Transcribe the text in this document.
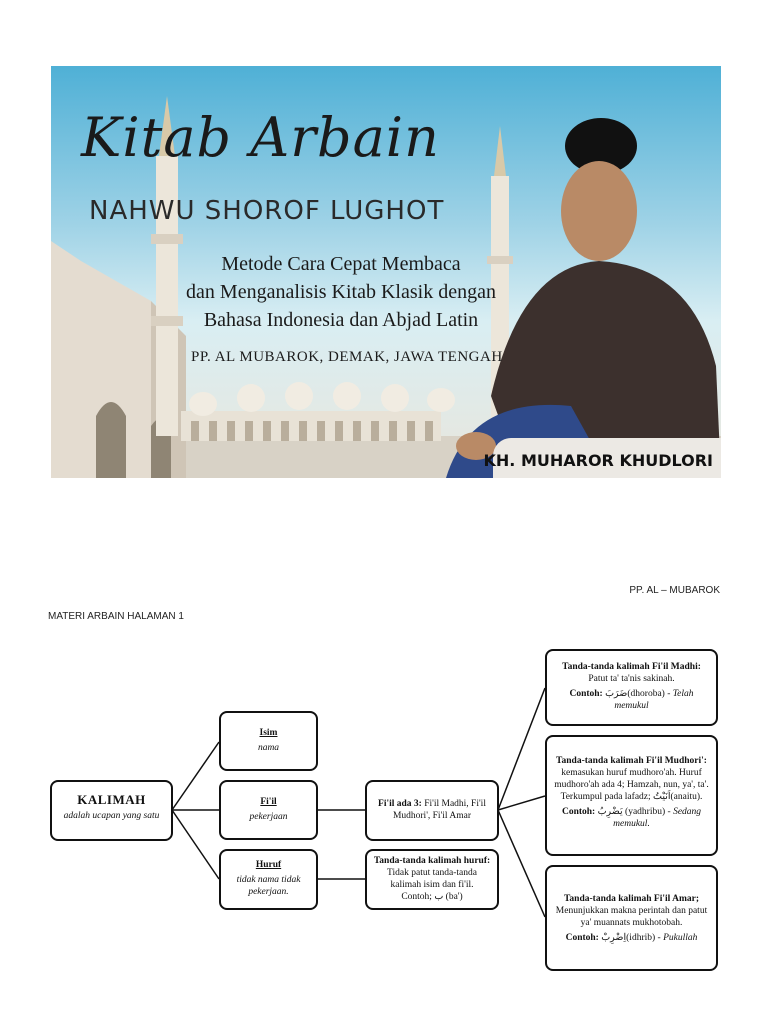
Kitab Arbain
NAHWU SHOROF LUGHOT
Metode Cara Cepat Membaca
dan Menganalisis Kitab Klasik dengan
Bahasa Indonesia dan Abjad Latin
PP. AL MUBAROK, DEMAK, JAWA TENGAH
KH. MUHAROR KHUDLORI
PP. AL – MUBAROK
MATERI ARBAIN HALAMAN 1
KALIMAH
adalah ucapan yang satu
Isim
nama
Fi'il
pekerjaan
Huruf
tidak nama tidak pekerjaan.
Fi'il ada 3: Fi'il Madhi, Fi'il Mudhori', Fi'il Amar
Tanda-tanda kalimah huruf:
Tidak patut tanda-tanda kalimah isim dan fi'il.
Contoh; ب (ba')
Tanda-tanda kalimah Fi'il Madhi:
Patut ta' ta'nis sakinah.
Contoh: ضَرَبَ(dhoroba) - Telah memukul
Tanda-tanda kalimah Fi'il Mudhori': kemasukan huruf mudhoro'ah. Huruf mudhoro'ah ada 4; Hamzah, nun, ya', ta'. Terkumpul pada lafadz; اَنَيْتُ(anaitu).
Contoh: يَضْرِبُ (yadhribu) - Sedang memukul.
Tanda-tanda kalimah Fi'il Amar;
Menunjukkan makna perintah dan patut ya' muannats mukhotobah.
Contoh: اِضْرِبْ(idhrib) - Pukullah
